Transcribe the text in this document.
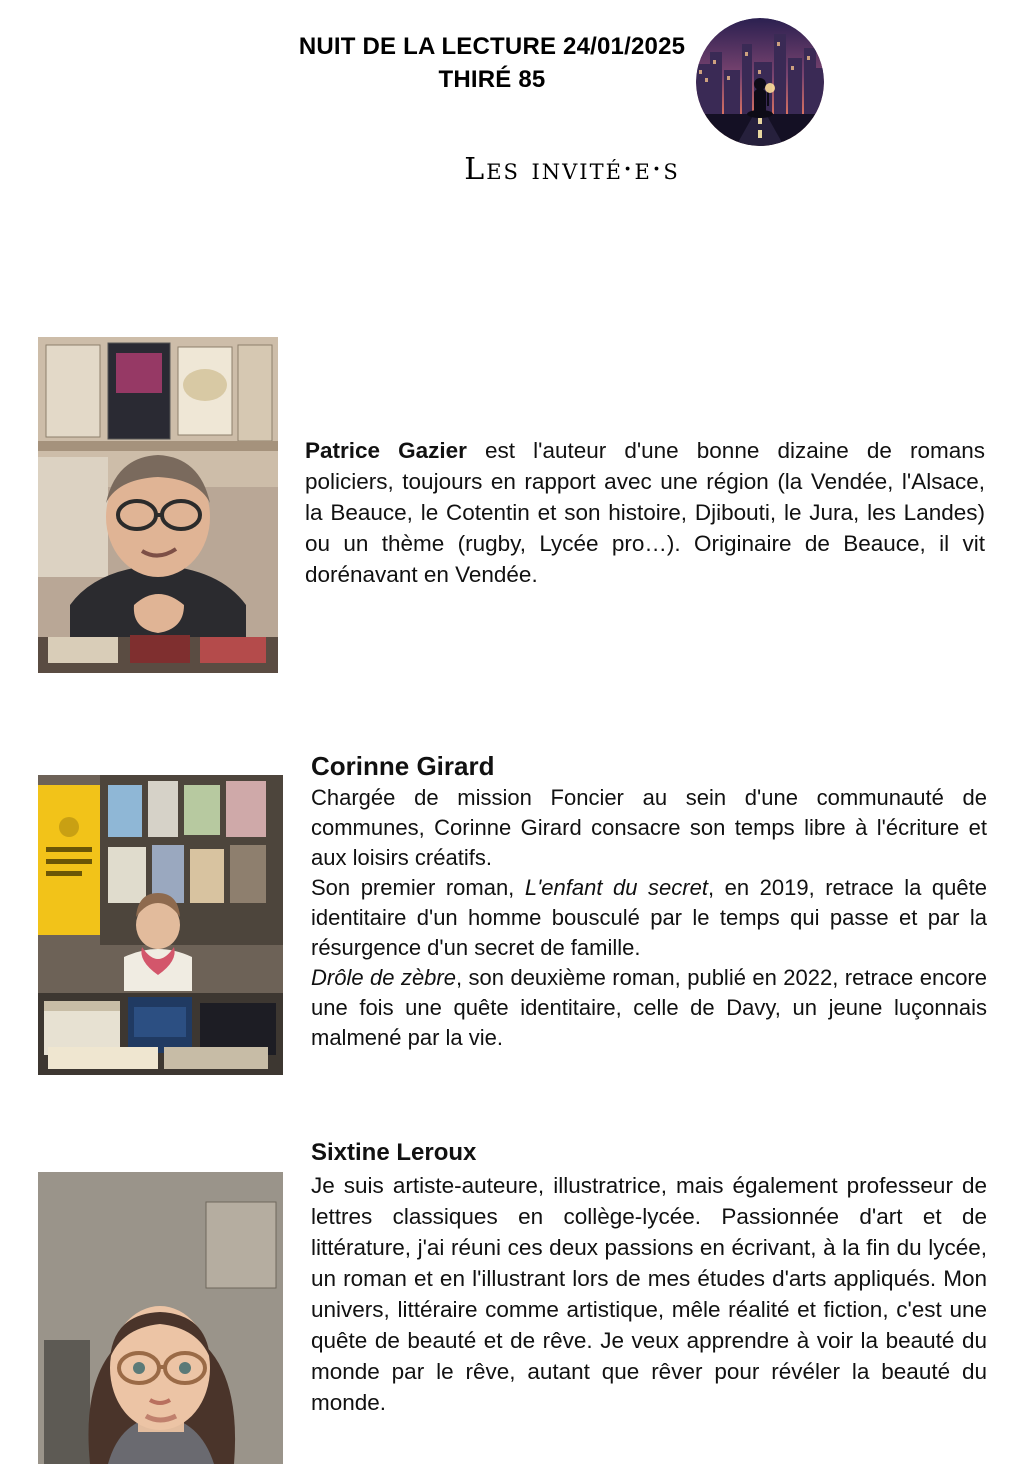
NUIT DE LA LECTURE 24/01/2025
THIRÉ 85
Les invité·e·s

Patrice Gazier est l'auteur d'une bonne dizaine de romans policiers, toujours en rapport avec une région (la Vendée, l'Alsace, la Beauce, le Cotentin et son histoire, Djibouti, le Jura, les Landes) ou un thème (rugby, Lycée pro…). Originaire de Beauce, il vit dorénavant en Vendée.

Corinne Girard

Chargée de mission Foncier au sein d'une communauté de communes, Corinne Girard consacre son temps libre à l'écriture et aux loisirs créatifs.

Son premier roman, L'enfant du secret, en 2019, retrace la quête identitaire d'un homme bousculé par le temps qui passe et par la résurgence d'un secret de famille.

Drôle de zèbre, son deuxième roman, publié en 2022, retrace encore une fois une quête identitaire, celle de Davy, un jeune luçonnais malmené par la vie.

Sixtine Leroux

Je suis artiste-auteure, illustratrice, mais également professeur de lettres classiques en collège-lycée. Passionnée d'art et de littérature, j'ai réuni ces deux passions en écrivant, à la fin du lycée, un roman et en l'illustrant lors de mes études d'arts appliqués. Mon univers, littéraire comme artistique, mêle réalité et fiction, c'est une quête de beauté et de rêve. Je veux apprendre à voir la beauté du monde par le rêve, autant que rêver pour révéler la beauté du monde.
